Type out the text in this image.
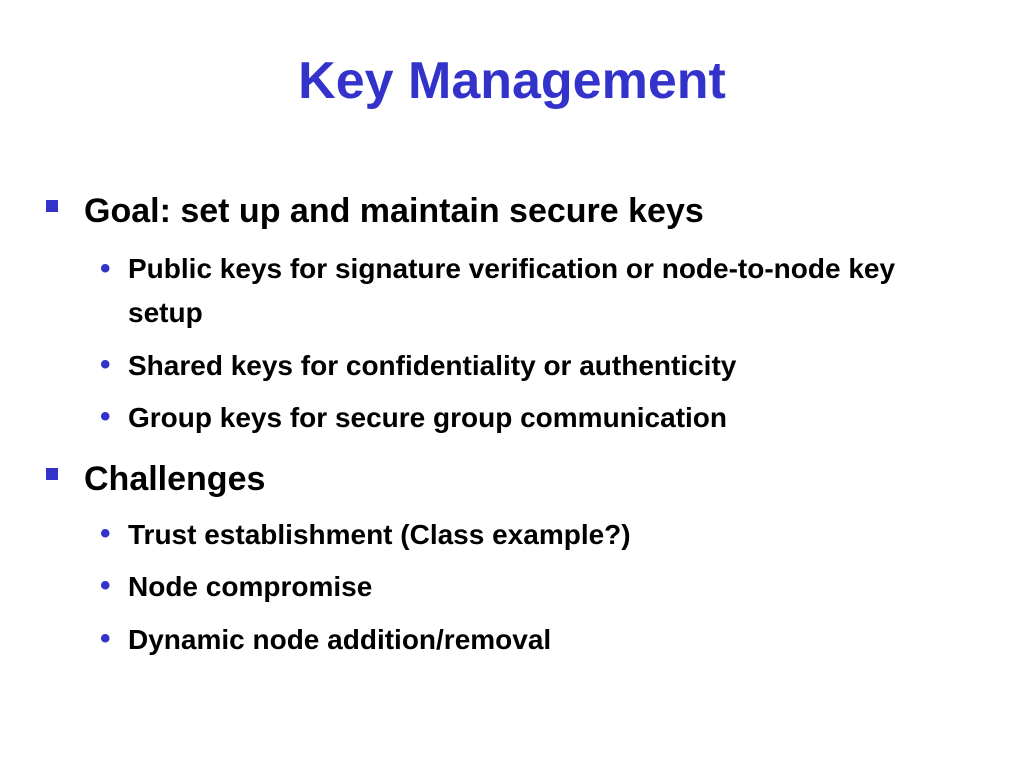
Key Management
Goal: set up and maintain secure keys
• Public keys for signature verification or node-to-node key setup
• Shared keys for confidentiality or authenticity
• Group keys for secure group communication
Challenges
• Trust establishment (Class example?)
• Node compromise
• Dynamic node addition/removal
